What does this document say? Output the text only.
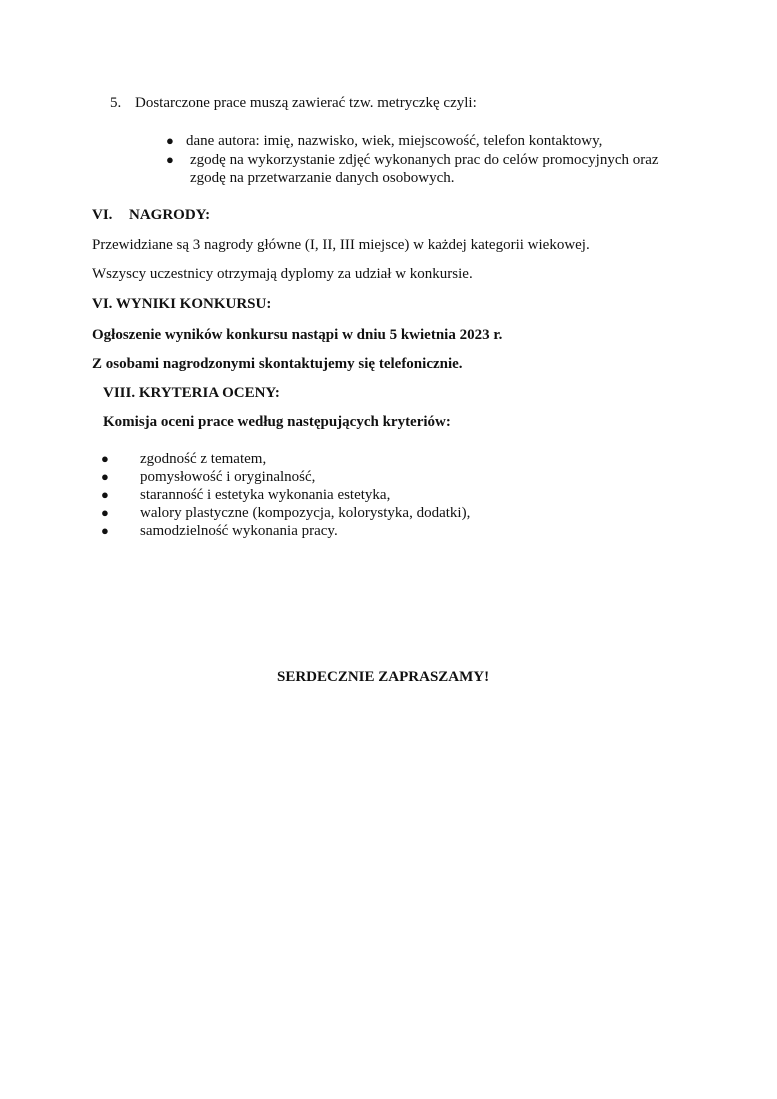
5. Dostarczone prace muszą zawierać tzw. metryczkę czyli:
● dane autora: imię, nazwisko, wiek, miejscowość, telefon kontaktowy,
● zgodę na wykorzystanie zdjęć wykonanych prac do celów promocyjnych oraz
zgodę na przetwarzanie danych osobowych.
VI. NAGRODY:
Przewidziane są 3 nagrody główne (I, II, III miejsce) w każdej kategorii wiekowej.
Wszyscy uczestnicy otrzymają dyplomy za udział w konkursie.
VI. WYNIKI KONKURSU:
Ogłoszenie wyników konkursu nastąpi w dniu 5 kwietnia 2023 r.
Z osobami nagrodzonymi skontaktujemy się telefonicznie.
VIII. KRYTERIA OCENY:
Komisja oceni prace według następujących kryteriów:
● zgodność z tematem,
● pomysłowość i oryginalność,
● staranność i estetyka wykonania estetyka,
● walory plastyczne (kompozycja, kolorystyka, dodatki),
● samodzielność wykonania pracy.
SERDECZNIE ZAPRASZAMY!
